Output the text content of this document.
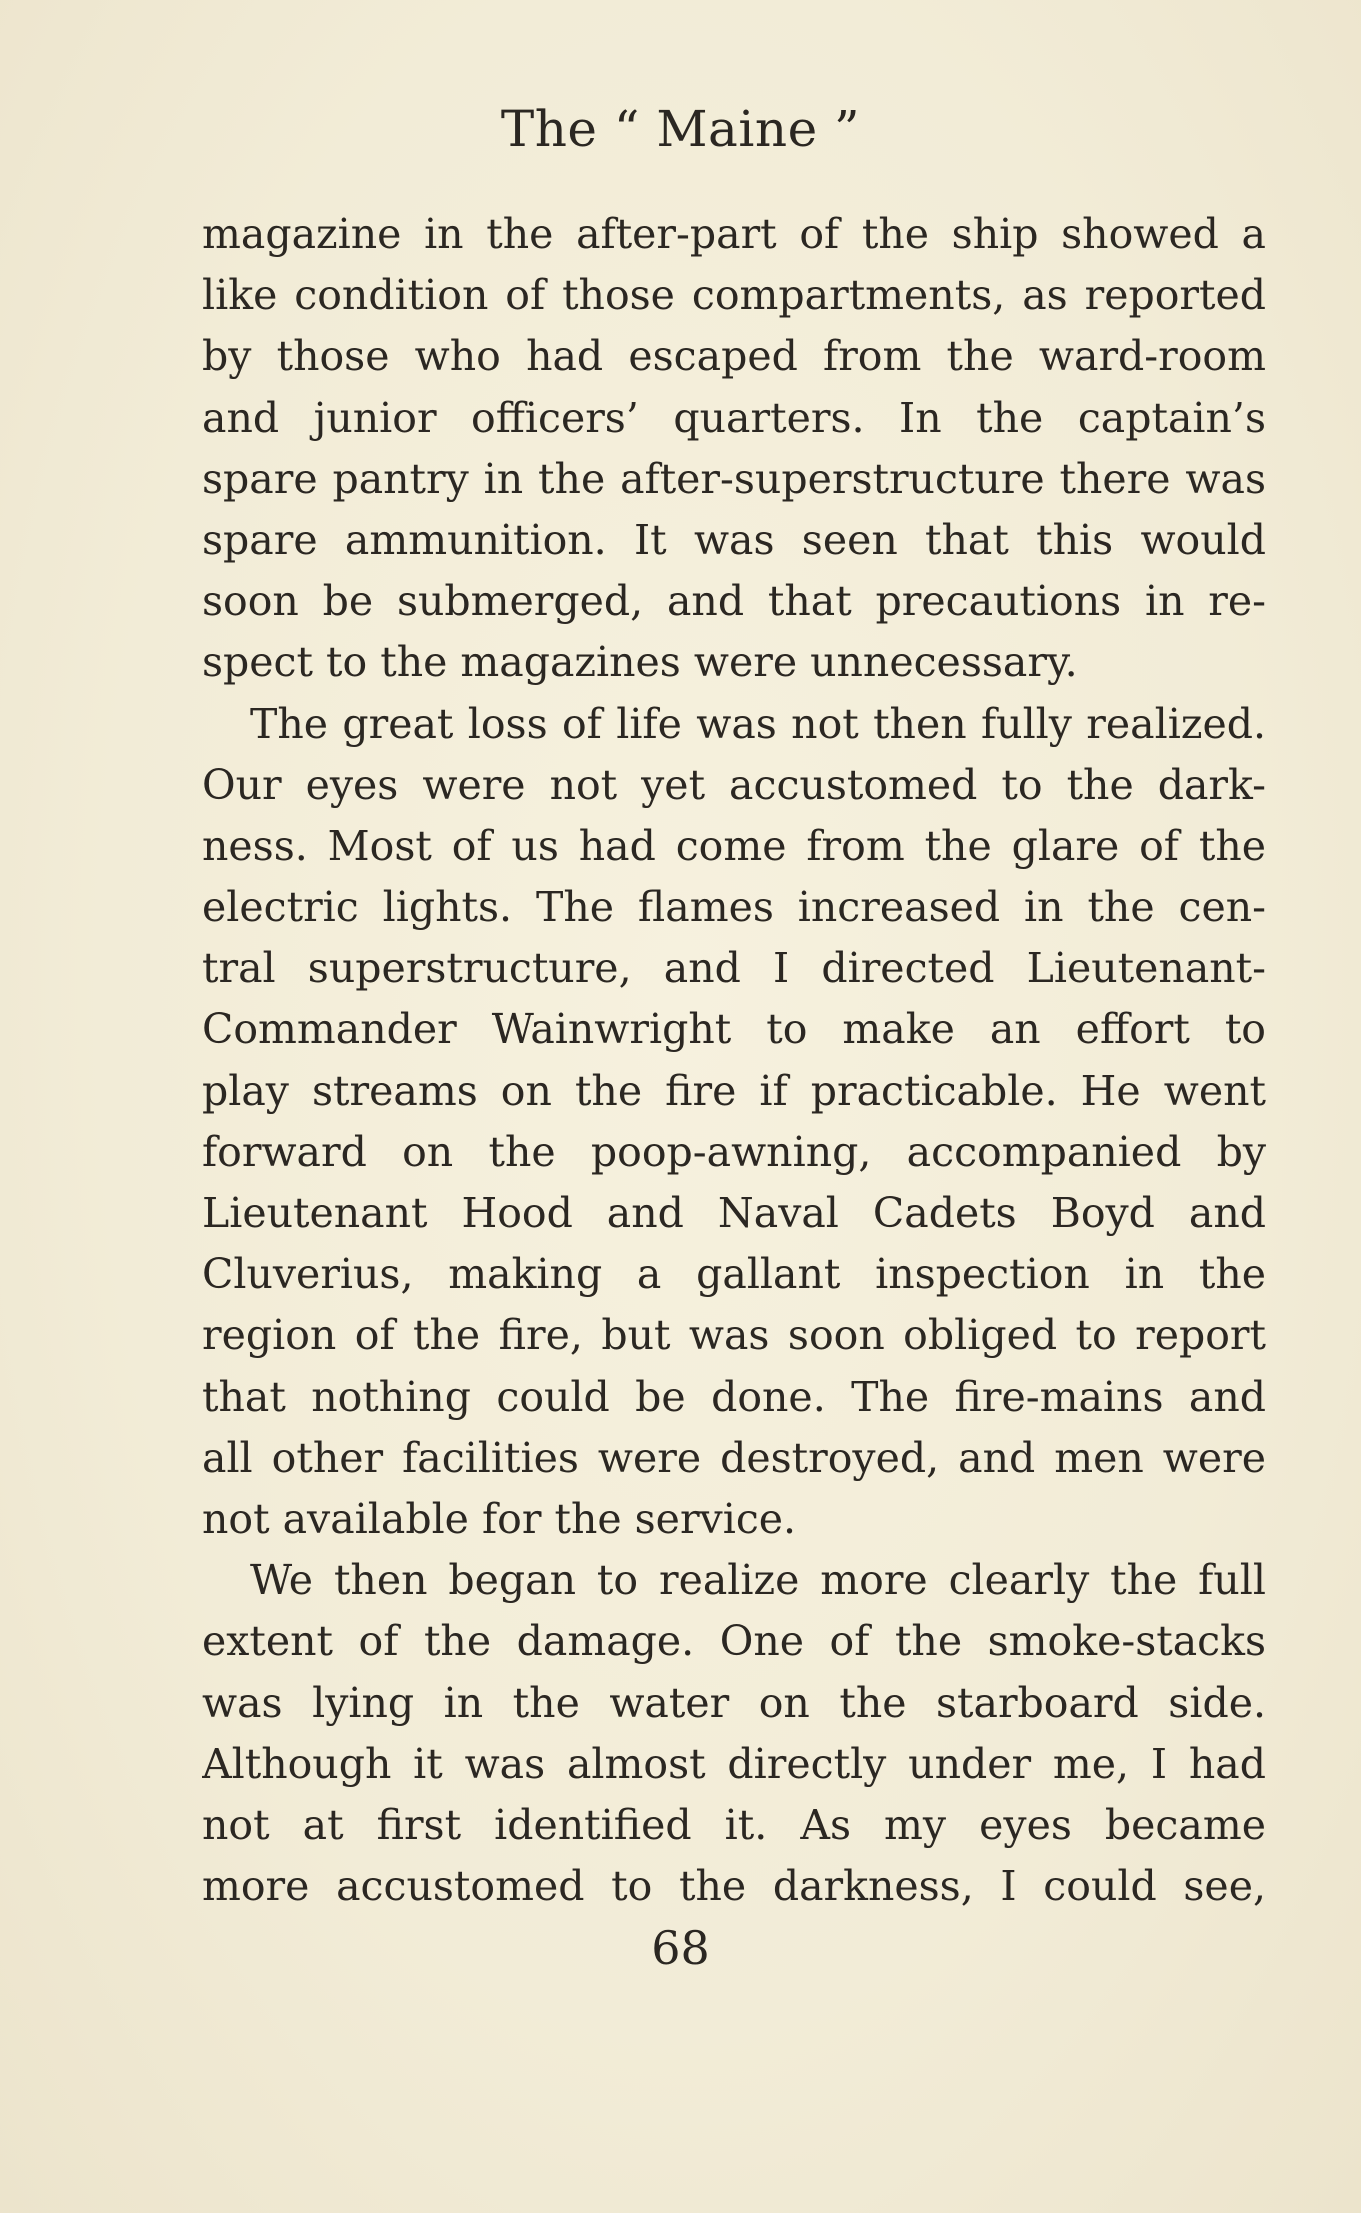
The “ Maine ”
magazine in the after-part of the ship showed a
like condition of those compartments, as reported
by those who had escaped from the ward-room
and junior officers’ quarters. In the captain’s
spare pantry in the after-superstructure there was
spare ammunition. It was seen that this would
soon be submerged, and that precautions in re-
spect to the magazines were unnecessary.
The great loss of life was not then fully realized.
Our eyes were not yet accustomed to the dark-
ness. Most of us had come from the glare of the
electric lights. The flames increased in the cen-
tral superstructure, and I directed Lieutenant-
Commander Wainwright to make an effort to
play streams on the fire if practicable. He went
forward on the poop-awning, accompanied by
Lieutenant Hood and Naval Cadets Boyd and
Cluverius, making a gallant inspection in the
region of the fire, but was soon obliged to report
that nothing could be done. The fire-mains and
all other facilities were destroyed, and men were
not available for the service.
We then began to realize more clearly the full
extent of the damage. One of the smoke-stacks
was lying in the water on the starboard side.
Although it was almost directly under me, I had
not at first identified it. As my eyes became
more accustomed to the darkness, I could see,
68
